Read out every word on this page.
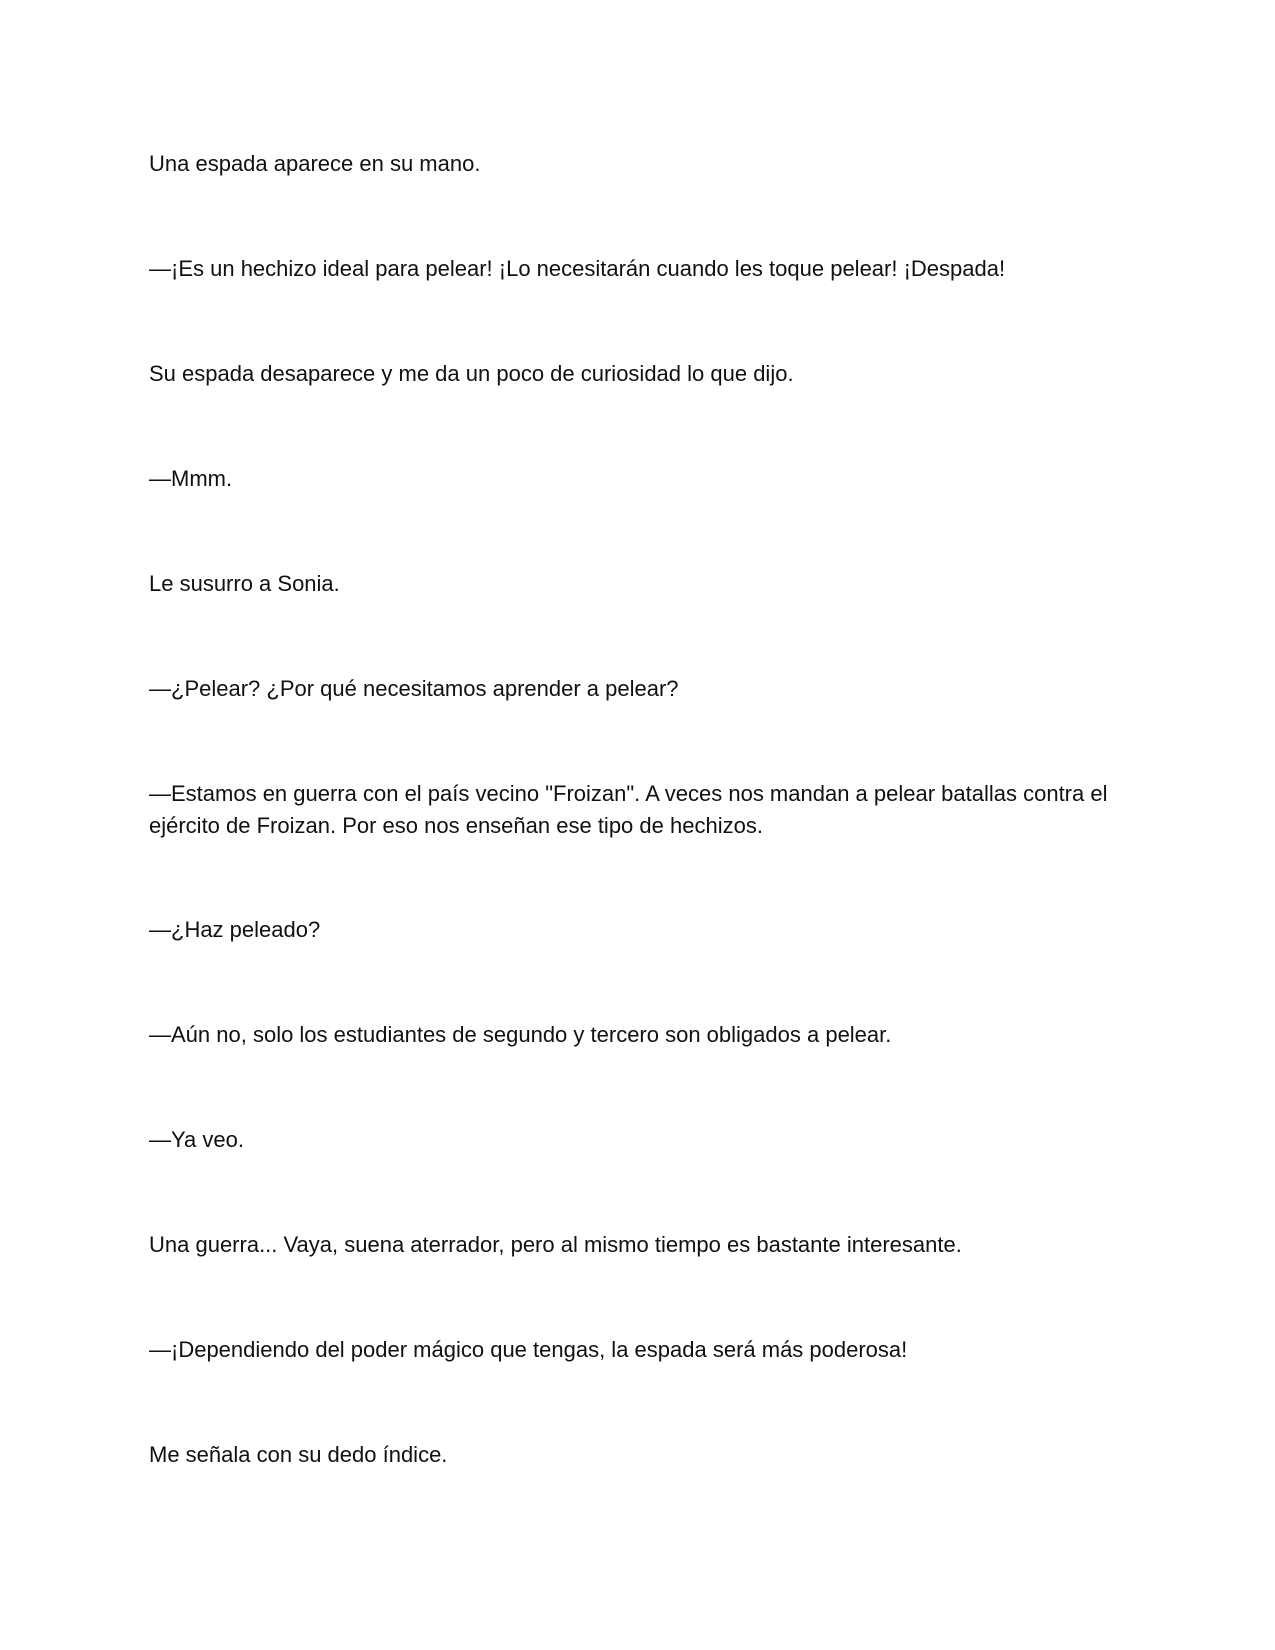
Una espada aparece en su mano.

—¡Es un hechizo ideal para pelear! ¡Lo necesitarán cuando les toque pelear! ¡Despada!

Su espada desaparece y me da un poco de curiosidad lo que dijo.

—Mmm.

Le susurro a Sonia.

—¿Pelear? ¿Por qué necesitamos aprender a pelear?

—Estamos en guerra con el país vecino "Froizan". A veces nos mandan a pelear batallas contra el ejército de Froizan. Por eso nos enseñan ese tipo de hechizos.

—¿Haz peleado?

—Aún no, solo los estudiantes de segundo y tercero son obligados a pelear.

—Ya veo.

Una guerra... Vaya, suena aterrador, pero al mismo tiempo es bastante interesante.

—¡Dependiendo del poder mágico que tengas, la espada será más poderosa!

Me señala con su dedo índice.
